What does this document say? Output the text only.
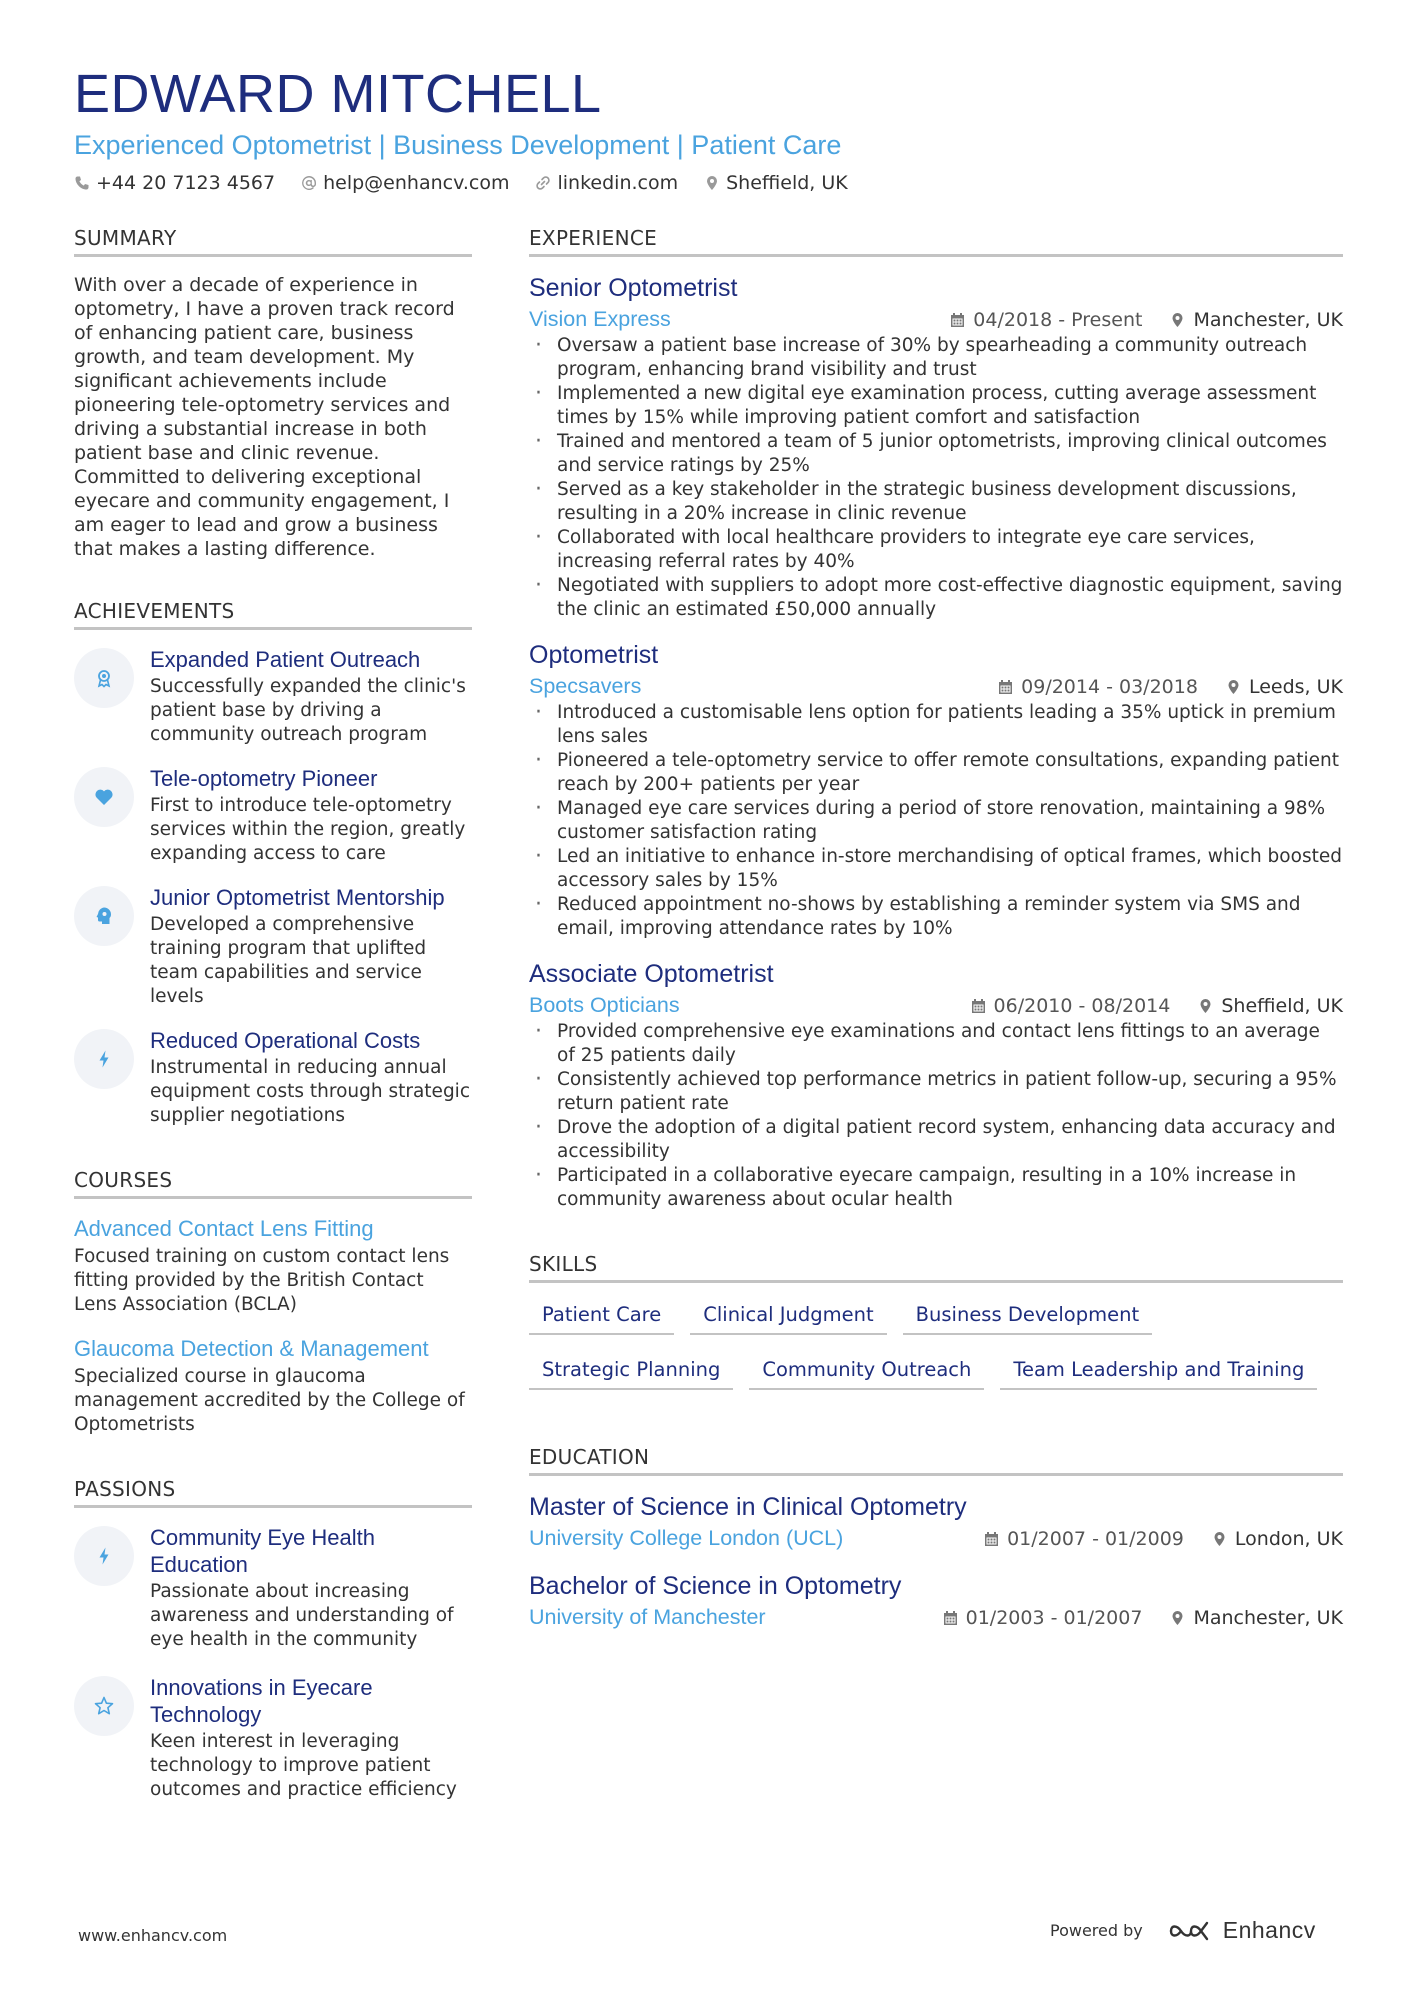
EDWARD MITCHELL
Experienced Optometrist | Business Development | Patient Care
+44 20 7123 4567	help@enhancv.com	linkedin.com	Sheffield, UK
SUMMARY
With over a decade of experience in optometry, I have a proven track record of enhancing patient care, business growth, and team development. My significant achievements include pioneering tele-optometry services and driving a substantial increase in both patient base and clinic revenue. Committed to delivering exceptional eyecare and community engagement, I am eager to lead and grow a business that makes a lasting difference.
ACHIEVEMENTS
Expanded Patient Outreach
Successfully expanded the clinic's patient base by driving a community outreach program
Tele-optometry Pioneer
First to introduce tele-optometry services within the region, greatly expanding access to care
Junior Optometrist Mentorship
Developed a comprehensive training program that uplifted team capabilities and service levels
Reduced Operational Costs
Instrumental in reducing annual equipment costs through strategic supplier negotiations
COURSES
Advanced Contact Lens Fitting
Focused training on custom contact lens fitting provided by the British Contact Lens Association (BCLA)
Glaucoma Detection & Management
Specialized course in glaucoma management accredited by the College of Optometrists
PASSIONS
Community Eye Health Education
Passionate about increasing awareness and understanding of eye health in the community
Innovations in Eyecare Technology
Keen interest in leveraging technology to improve patient outcomes and practice efficiency
EXPERIENCE
Senior Optometrist
Vision Express	04/2018 - Present	Manchester, UK
· Oversaw a patient base increase of 30% by spearheading a community outreach program, enhancing brand visibility and trust
· Implemented a new digital eye examination process, cutting average assessment times by 15% while improving patient comfort and satisfaction
· Trained and mentored a team of 5 junior optometrists, improving clinical outcomes and service ratings by 25%
· Served as a key stakeholder in the strategic business development discussions, resulting in a 20% increase in clinic revenue
· Collaborated with local healthcare providers to integrate eye care services, increasing referral rates by 40%
· Negotiated with suppliers to adopt more cost-effective diagnostic equipment, saving the clinic an estimated £50,000 annually
Optometrist
Specsavers	09/2014 - 03/2018	Leeds, UK
· Introduced a customisable lens option for patients leading a 35% uptick in premium lens sales
· Pioneered a tele-optometry service to offer remote consultations, expanding patient reach by 200+ patients per year
· Managed eye care services during a period of store renovation, maintaining a 98% customer satisfaction rating
· Led an initiative to enhance in-store merchandising of optical frames, which boosted accessory sales by 15%
· Reduced appointment no-shows by establishing a reminder system via SMS and email, improving attendance rates by 10%
Associate Optometrist
Boots Opticians	06/2010 - 08/2014	Sheffield, UK
· Provided comprehensive eye examinations and contact lens fittings to an average of 25 patients daily
· Consistently achieved top performance metrics in patient follow-up, securing a 95% return patient rate
· Drove the adoption of a digital patient record system, enhancing data accuracy and accessibility
· Participated in a collaborative eyecare campaign, resulting in a 10% increase in community awareness about ocular health
SKILLS
Patient Care	Clinical Judgment	Business Development
Strategic Planning	Community Outreach	Team Leadership and Training
EDUCATION
Master of Science in Clinical Optometry
University College London (UCL)	01/2007 - 01/2009	London, UK
Bachelor of Science in Optometry
University of Manchester	01/2003 - 01/2007	Manchester, UK
www.enhancv.com	Powered by	Enhancv
